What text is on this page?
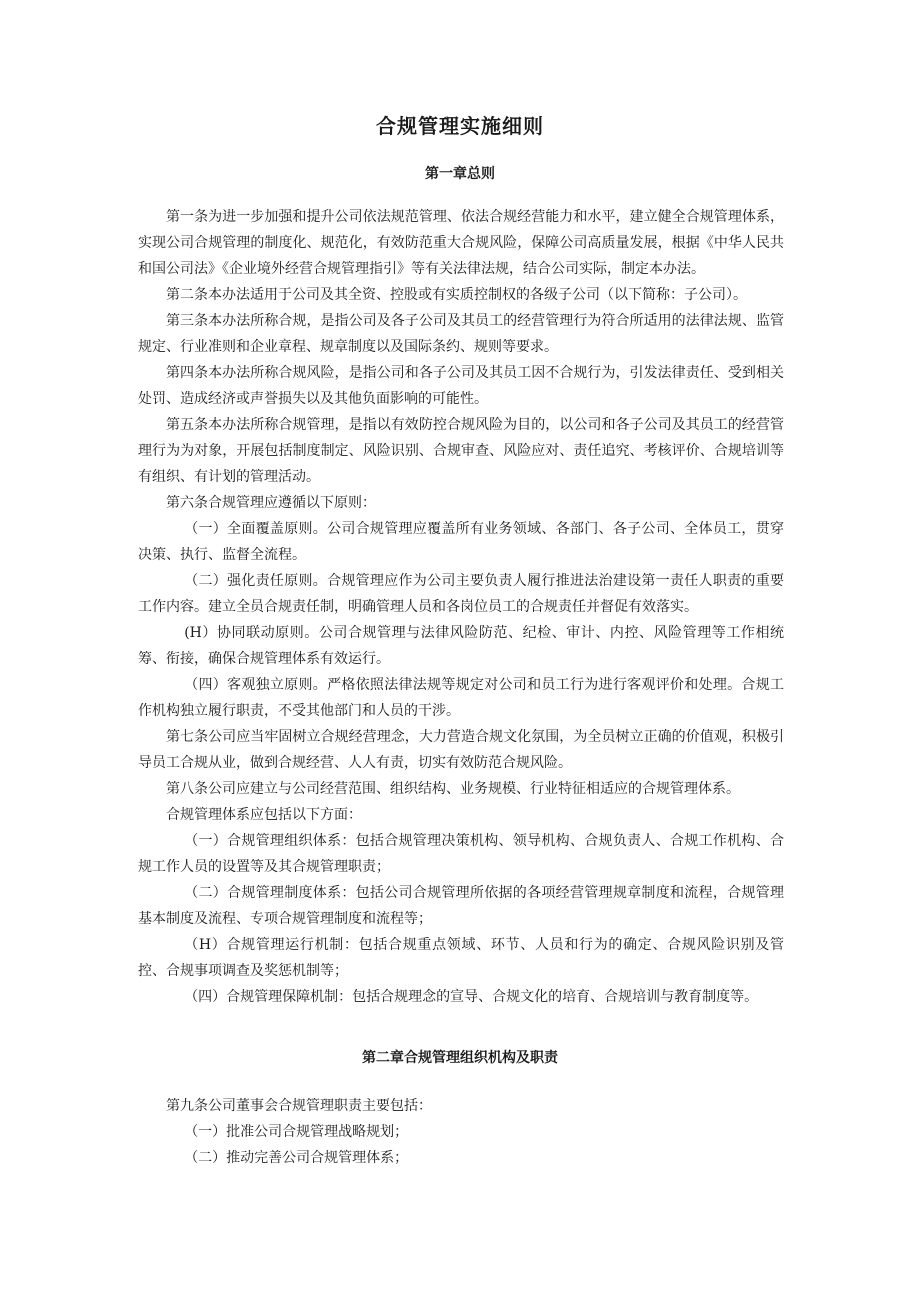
合规管理实施细则
第一章总则

第一条为进一步加强和提升公司依法规范管理、依法合规经营能力和水平，建立健全合规管理体系，实现公司合规管理的制度化、规范化，有效防范重大合规风险，保障公司高质量发展，根据《中华人民共和国公司法》《企业境外经营合规管理指引》等有关法律法规，结合公司实际，制定本办法。

第二条本办法适用于公司及其全资、控股或有实质控制权的各级子公司（以下简称：子公司）。

第三条本办法所称合规，是指公司及各子公司及其员工的经营管理行为符合所适用的法律法规、监管规定、行业准则和企业章程、规章制度以及国际条约、规则等要求。

第四条本办法所称合规风险，是指公司和各子公司及其员工因不合规行为，引发法律责任、受到相关处罚、造成经济或声誉损失以及其他负面影响的可能性。

第五条本办法所称合规管理，是指以有效防控合规风险为目的，以公司和各子公司及其员工的经营管理行为为对象，开展包括制度制定、风险识别、合规审查、风险应对、责任追究、考核评价、合规培训等有组织、有计划的管理活动。

第六条合规管理应遵循以下原则：

（一）全面覆盖原则。公司合规管理应覆盖所有业务领域、各部门、各子公司、全体员工，贯穿决策、执行、监督全流程。

（二）强化责任原则。合规管理应作为公司主要负责人履行推进法治建设第一责任人职责的重要工作内容。建立全员合规责任制，明确管理人员和各岗位员工的合规责任并督促有效落实。

(H）协同联动原则。公司合规管理与法律风险防范、纪检、审计、内控、风险管理等工作相统筹、衔接，确保合规管理体系有效运行。

（四）客观独立原则。严格依照法律法规等规定对公司和员工行为进行客观评价和处理。合规工作机构独立履行职责，不受其他部门和人员的干涉。

第七条公司应当牢固树立合规经营理念，大力营造合规文化氛围，为全员树立正确的价值观，积极引导员工合规从业，做到合规经营、人人有责，切实有效防范合规风险。

第八条公司应建立与公司经营范围、组织结构、业务规模、行业特征相适应的合规管理体系。

合规管理体系应包括以下方面：

（一）合规管理组织体系：包括合规管理决策机构、领导机构、合规负责人、合规工作机构、合规工作人员的设置等及其合规管理职责；

（二）合规管理制度体系：包括公司合规管理所依据的各项经营管理规章制度和流程，合规管理基本制度及流程、专项合规管理制度和流程等；

（H）合规管理运行机制：包括合规重点领域、环节、人员和行为的确定、合规风险识别及管控、合规事项调查及奖惩机制等；

（四）合规管理保障机制：包括合规理念的宣导、合规文化的培育、合规培训与教育制度等。

第二章合规管理组织机构及职责

第九条公司董事会合规管理职责主要包括：

（一）批准公司合规管理战略规划；

（二）推动完善公司合规管理体系；
